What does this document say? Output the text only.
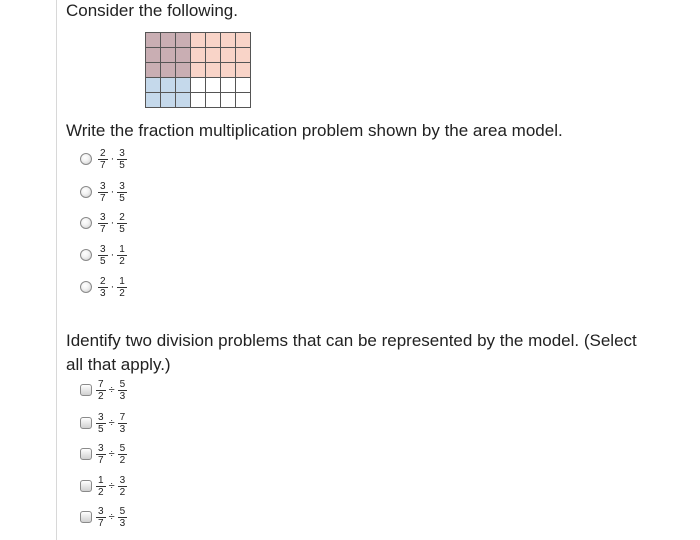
Consider the following.
Write the fraction multiplication problem shown by the area model.
$\frac{2}{7} \cdot \frac{3}{5}$
$\frac{3}{7} \cdot \frac{3}{5}$
$\frac{3}{7} \cdot \frac{2}{5}$
$\frac{3}{5} \cdot \frac{1}{2}$
$\frac{2}{3} \cdot \frac{1}{2}$
Identify two division problems that can be represented by the model. (Select
all that apply.)
$\frac{7}{2} \div \frac{5}{3}$
$\frac{3}{5} \div \frac{7}{3}$
$\frac{3}{7} \div \frac{5}{2}$
$\frac{1}{2} \div \frac{3}{2}$
$\frac{3}{7} \div \frac{5}{3}$
